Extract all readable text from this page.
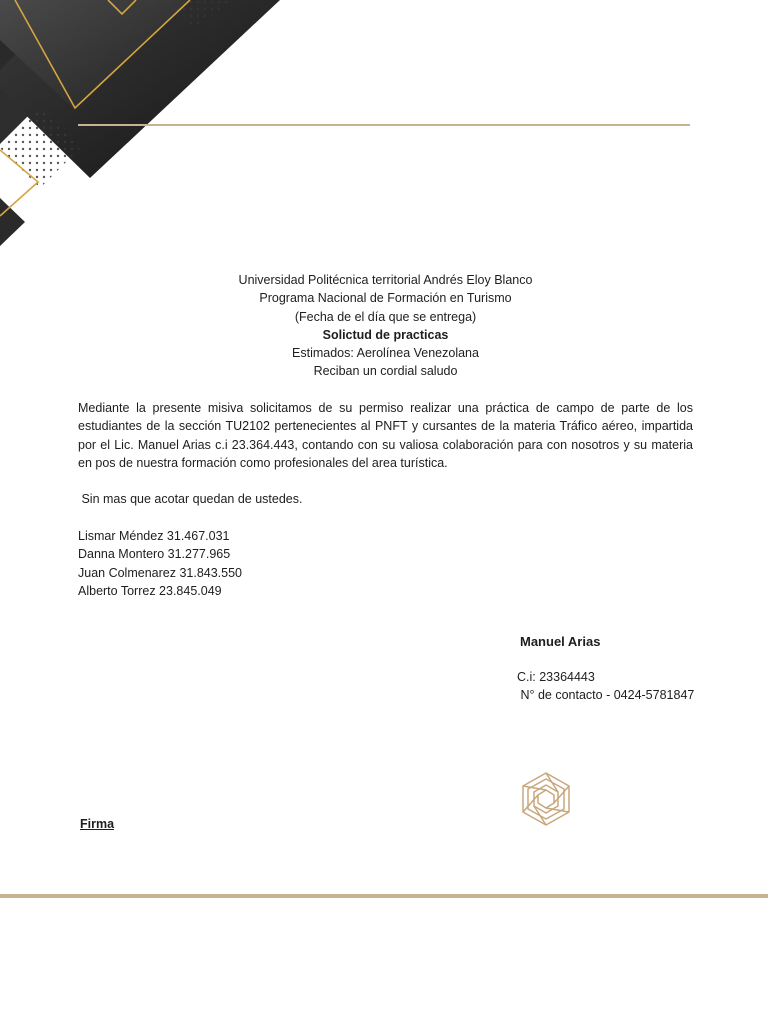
Universidad Politécnica territorial Andrés Eloy Blanco
Programa Nacional de Formación en Turismo
(Fecha de el día que se entrega)
Solictud de practicas
Estimados: Aerolínea Venezolana
Reciban un cordial saludo
Mediante la presente misiva solicitamos de su permiso realizar una práctica de campo de parte de los estudiantes de la sección TU2102 pertenecientes al PNFT y cursantes de la materia Tráfico aéreo, impartida por el Lic. Manuel Arias c.i 23.364.443, contando con su valiosa colaboración para con nosotros y su materia en pos de nuestra formación como profesionales del area turística.
Sin mas que acotar quedan de ustedes.
Lismar Méndez 31.467.031
Danna Montero 31.277.965
Juan Colmenarez 31.843.550
Alberto Torrez 23.845.049
Manuel Arias
C.i: 23364443
N° de contacto - 0424-5781847
Firma
